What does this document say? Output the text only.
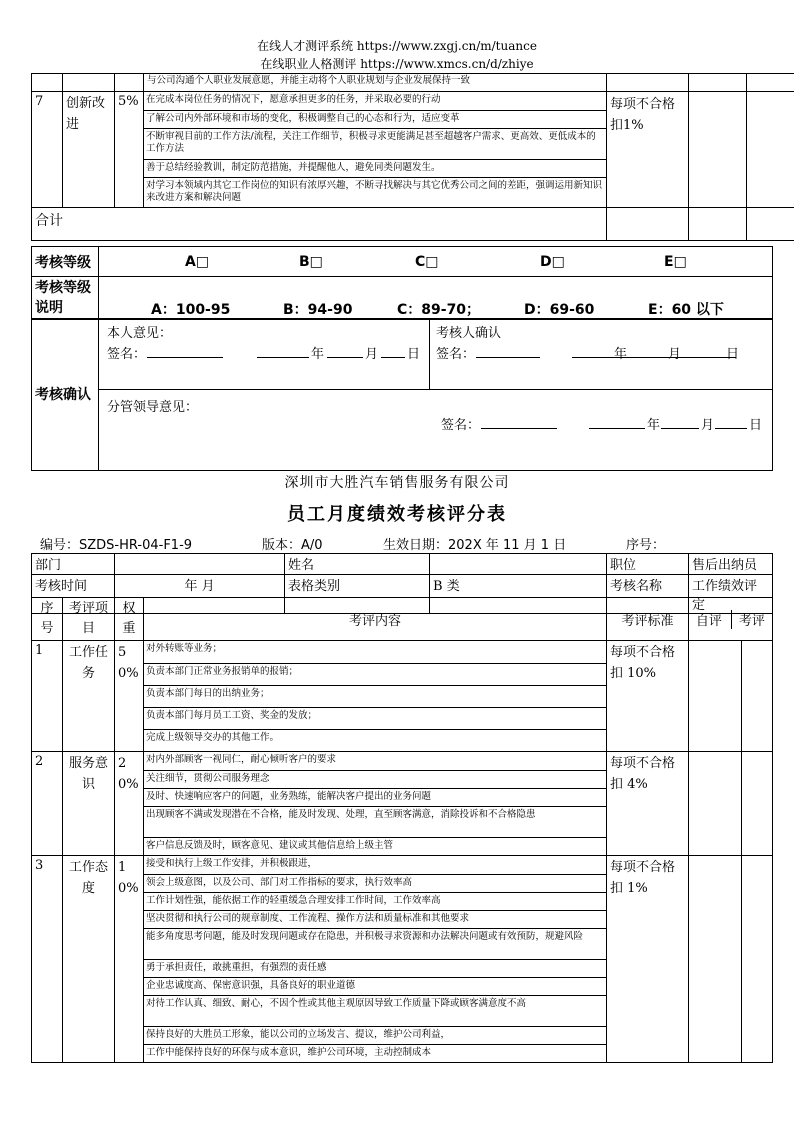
在线人才测评系统 https://www.zxgj.cn/m/tuance
在线职业人格测评 https://www.xmcs.cn/d/zhiye
			与公司沟通个人职业发展意愿，并能主动将个人职业规划与企业发展保持一致			
7	创新改进	5%	在完成本岗位任务的情况下，愿意承担更多的任务，并采取必要的行动
了解公司内外部环境和市场的变化，积极调整自己的心态和行为，适应变革
不断审视目前的工作方法/流程，关注工作细节，积极寻求更能满足甚至超越客户需求、更高效、更低成本的工作方法
善于总结经验教训，制定防范措施，并提醒他人，避免同类问题发生。
对学习本领域内其它工作岗位的知识有浓厚兴趣，不断寻找解决与其它优秀公司之间的差距，强调运用新知识来改进方案和解决问题
	每项不合格扣1%		
合计			
考核等级	A□ B□ C□ D□ E□

考核等级说明	A：100-95 B：94-90 C：89-70； D：69-60 E：60 以下
考核确认	
本人意见：
签名：	年	月 日

考核人确认
签名：	年	月	日

分管领导意见：
签名：	年	月	日
深圳市大胜汽车销售服务有限公司
员工月度绩效考核评分表
编号：SZDS-HR-04-F1-9	版本：A/0	生效日期：202X 年 11 月 1 日	序号：
部门		姓名		职位	售后出纳员
考核时间	年 月	表格类别	B 类	考核名称	工作绩效评定
序号	考评项目	权重	考评内容	考评标准	自评	考评

1	工作任务	50%	
对外转账等业务；
负责本部门正常业务报销单的报销；
负责本部门每日的出纳业务；
负责本部门每月员工工资、奖金的发放；
完成上级领导交办的其他工作。
	每项不合格扣 10%		
2	服务意识	20%	
对内外部顾客一视同仁，耐心倾听客户的要求
关注细节，贯彻公司服务理念
及时、快速响应客户的问题，业务熟练，能解决客户提出的业务问题
出现顾客不满或发现潜在不合格，能及时发现、处理，直至顾客满意，消除投诉和不合格隐患
客户信息反馈及时，顾客意见、建议或其他信息给上级主管
	每项不合格扣 4%		
3	工作态度	10%	
接受和执行上级工作安排，并积极跟进，
领会上级意图，以及公司、部门对工作指标的要求，执行效率高
工作计划性强，能依据工作的轻重缓急合理安排工作时间，工作效率高
坚决贯彻和执行公司的规章制度、工作流程、操作方法和质量标准和其他要求
能多角度思考问题，能及时发现问题或存在隐患，并积极寻求资源和办法解决问题或有效预防，规避风险
勇于承担责任，敢挑重担，有强烈的责任感
企业忠诚度高、保密意识强，具备良好的职业道德
对待工作认真、细致、耐心，不因个性或其他主观原因导致工作质量下降或顾客满意度不高
保持良好的大胜员工形象，能以公司的立场发言、提议，维护公司利益，
工作中能保持良好的环保与成本意识，维护公司环境，主动控制成本
	每项不合格扣 1%		
